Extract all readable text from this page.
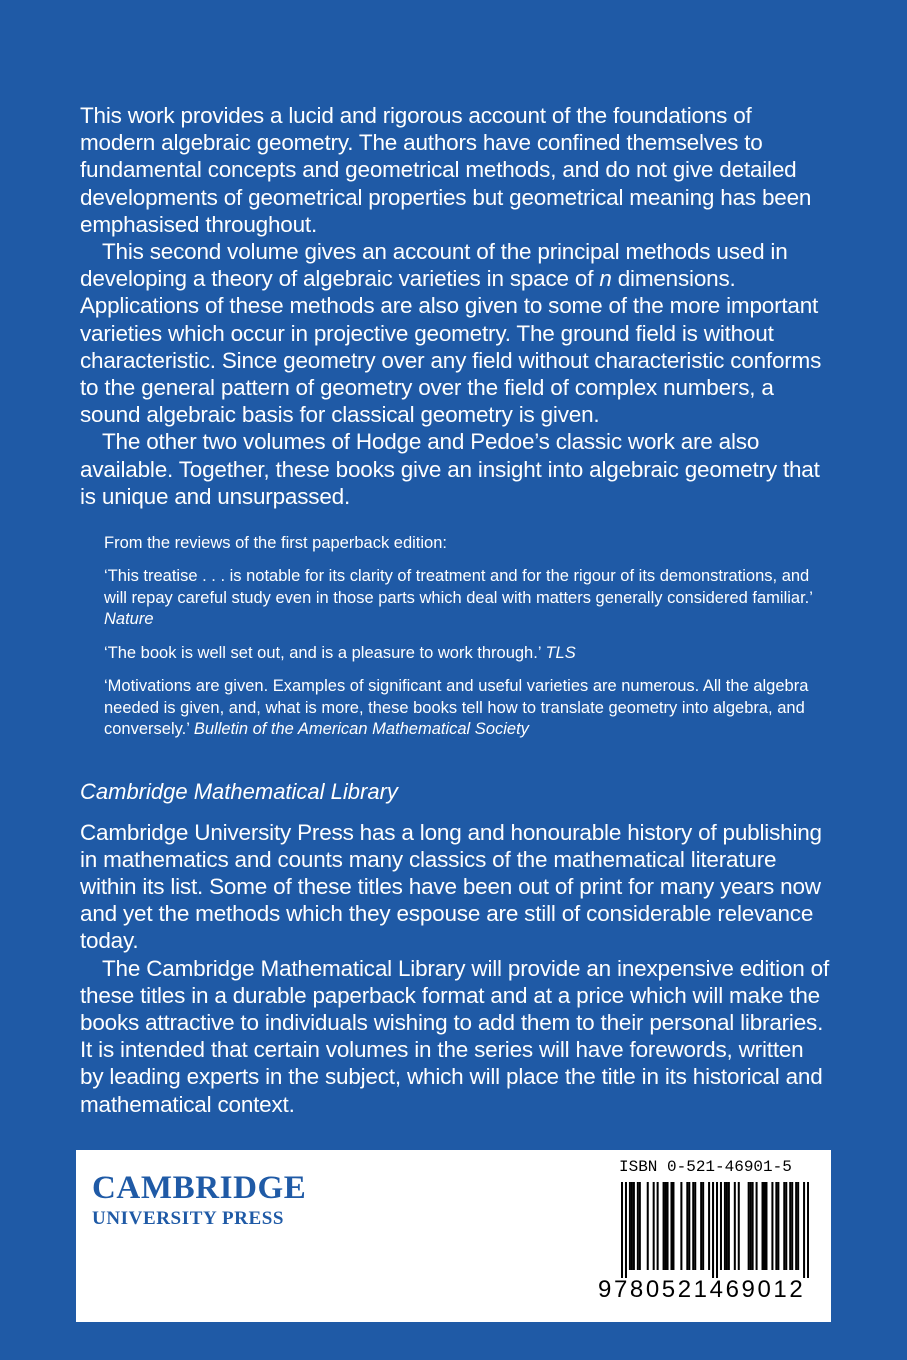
This work provides a lucid and rigorous account of the foundations of modern algebraic geometry. The authors have confined themselves to fundamental concepts and geometrical methods, and do not give detailed developments of geometrical properties but geometrical meaning has been emphasised throughout.

This second volume gives an account of the principal methods used in developing a theory of algebraic varieties in space of n dimensions. Applications of these methods are also given to some of the more important varieties which occur in projective geometry. The ground field is without characteristic. Since geometry over any field without characteristic conforms to the general pattern of geometry over the field of complex numbers, a sound algebraic basis for classical geometry is given.

The other two volumes of Hodge and Pedoe’s classic work are also available. Together, these books give an insight into algebraic geometry that is unique and unsurpassed.

From the reviews of the first paperback edition:

‘This treatise . . . is notable for its clarity of treatment and for the rigour of its demonstrations, and will repay careful study even in those parts which deal with matters generally considered familiar.’ Nature

‘The book is well set out, and is a pleasure to work through.’ TLS

‘Motivations are given. Examples of significant and useful varieties are numerous. All the algebra needed is given, and, what is more, these books tell how to translate geometry into algebra, and conversely.’ Bulletin of the American Mathematical Society

Cambridge Mathematical Library

Cambridge University Press has a long and honourable history of publishing in mathematics and counts many classics of the mathematical literature within its list. Some of these titles have been out of print for many years now and yet the methods which they espouse are still of considerable relevance today.

The Cambridge Mathematical Library will provide an inexpensive edition of these titles in a durable paperback format and at a price which will make the books attractive to individuals wishing to add them to their personal libraries. It is intended that certain volumes in the series will have forewords, written by leading experts in the subject, which will place the title in its historical and mathematical context.

CAMBRIDGE
UNIVERSITY PRESS
ISBN 0-521-46901-5
9780521469012
